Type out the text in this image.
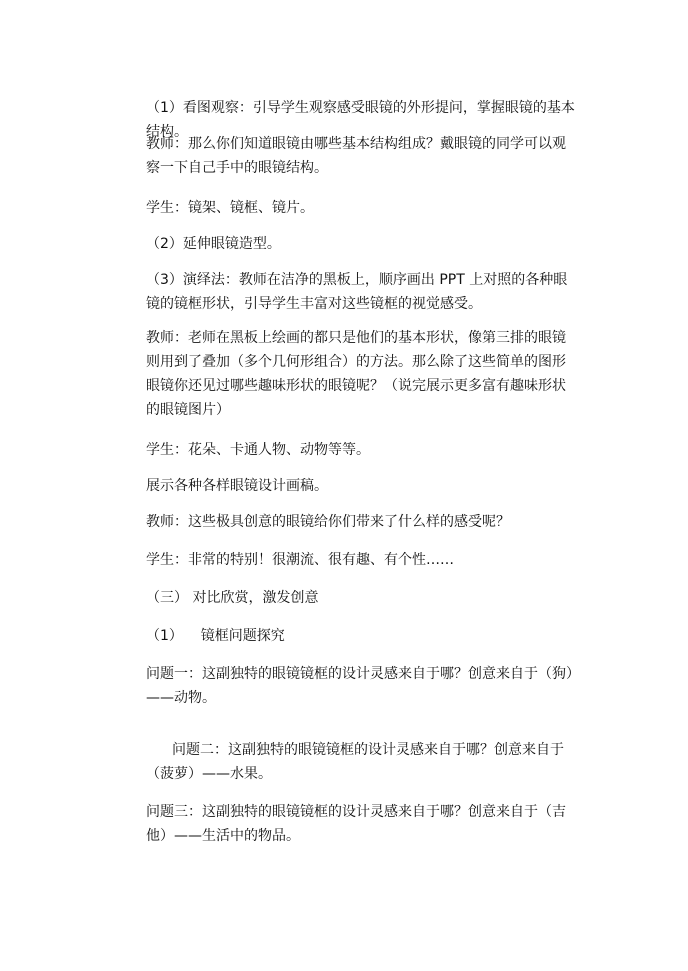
（1）看图观察：引导学生观察感受眼镜的外形提问，掌握眼镜的基本结构。

教师：那么你们知道眼镜由哪些基本结构组成？戴眼镜的同学可以观察一下自己手中的眼镜结构。

学生：镜架、镜框、镜片。

（2）延伸眼镜造型。

（3）演绎法：教师在洁净的黑板上，顺序画出 PPT 上对照的各种眼镜的镜框形状，引导学生丰富对这些镜框的视觉感受。

教师：老师在黑板上绘画的都只是他们的基本形状，像第三排的眼镜则用到了叠加（多个几何形组合）的方法。那么除了这些简单的图形眼镜你还见过哪些趣味形状的眼镜呢？（说完展示更多富有趣味形状的眼镜图片）

学生：花朵、卡通人物、动物等等。

展示各种各样眼镜设计画稿。

教师：这些极具创意的眼镜给你们带来了什么样的感受呢？

学生：非常的特别！很潮流、很有趣、有个性……

（三） 对比欣赏，激发创意

（1）    镜框问题探究

问题一：这副独特的眼镜镜框的设计灵感来自于哪？创意来自于（狗）——动物。

问题二：这副独特的眼镜镜框的设计灵感来自于哪？创意来自于（菠萝）——水果。

问题三：这副独特的眼镜镜框的设计灵感来自于哪？创意来自于（吉他）——生活中的物品。
